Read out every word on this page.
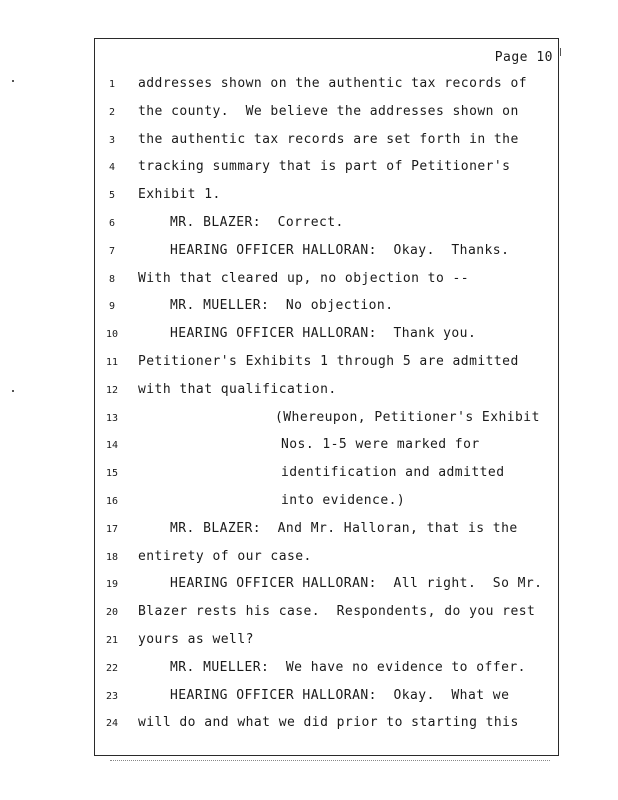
Page 10
1	addresses shown on the authentic tax records of
2	the county.  We believe the addresses shown on
3	the authentic tax records are set forth in the
4	tracking summary that is part of Petitioner's
5	Exhibit 1.
6	MR. BLAZER:  Correct.
7	HEARING OFFICER HALLORAN:  Okay.  Thanks.
8	With that cleared up, no objection to --
9	MR. MUELLER:  No objection.
10	HEARING OFFICER HALLORAN:  Thank you.
11	Petitioner's Exhibits 1 through 5 are admitted
12	with that qualification.
13	(Whereupon, Petitioner's Exhibit
14	Nos. 1-5 were marked for
15	identification and admitted
16	into evidence.)
17	MR. BLAZER:  And Mr. Halloran, that is the
18	entirety of our case.
19	HEARING OFFICER HALLORAN:  All right.  So Mr.
20	Blazer rests his case.  Respondents, do you rest
21	yours as well?
22	MR. MUELLER:  We have no evidence to offer.
23	HEARING OFFICER HALLORAN:  Okay.  What we
24	will do and what we did prior to starting this
